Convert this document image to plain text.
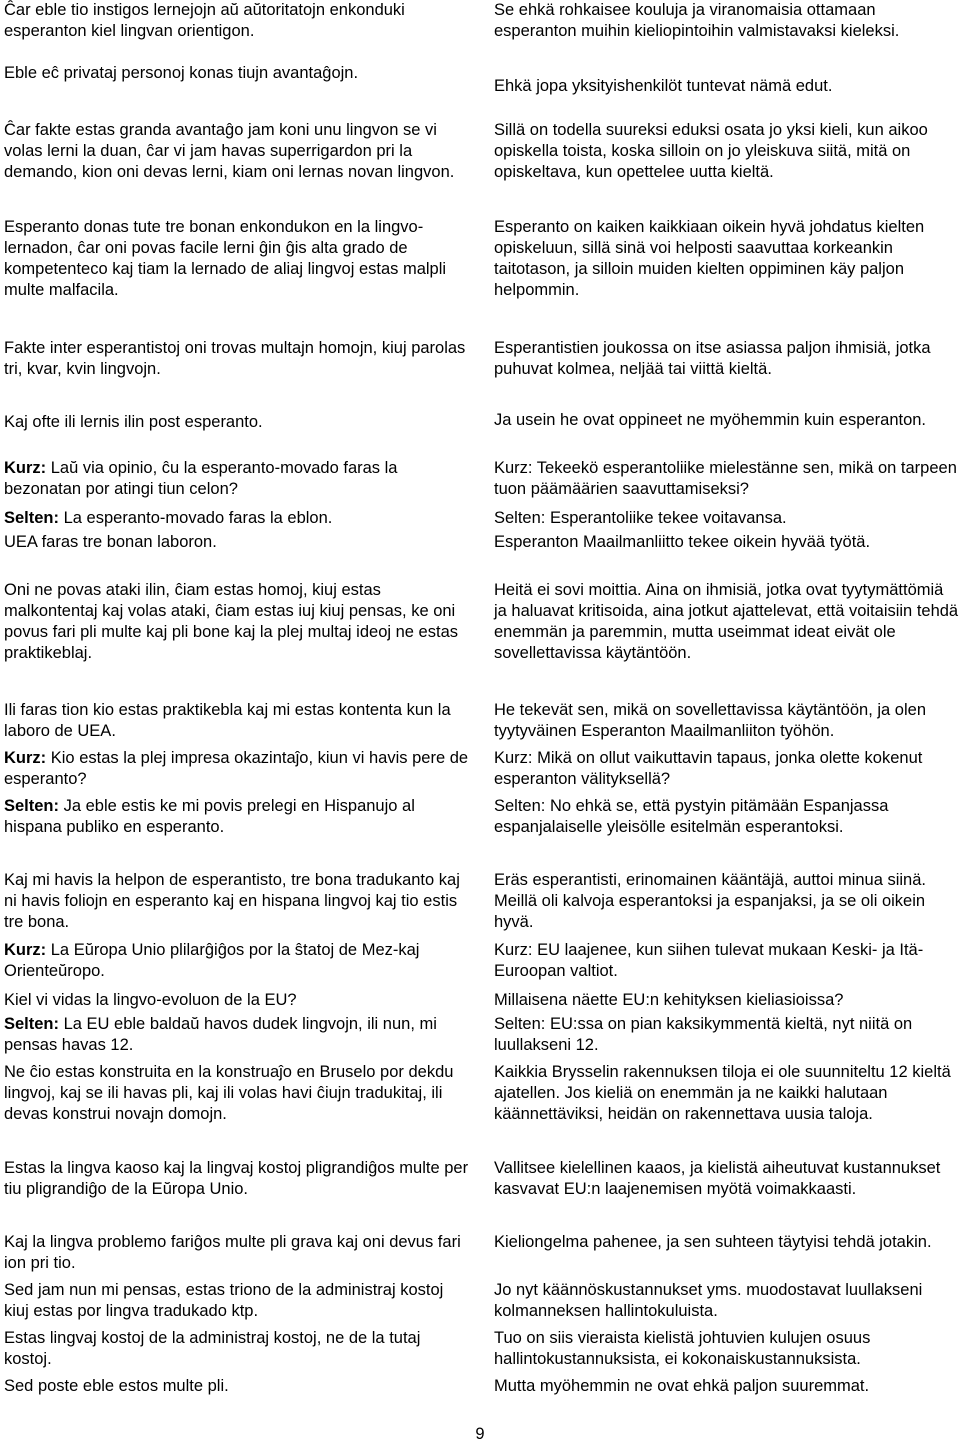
Ĉar eble tio instigos lernejojn aŭ aŭtoritatojn enkonduki esperanton kiel lingvan orientigon.

Eble eĉ privataj personoj konas tiujn avantaĝojn.

Ĉar fakte estas granda avantaĝo jam koni unu lingvon se vi volas lerni la duan, ĉar vi jam havas superrigardon pri la demando, kion oni devas lerni, kiam oni lernas novan lingvon.

Esperanto donas tute tre bonan enkondukon en la lingvo-lernadon, ĉar oni povas facile lerni ĝin ĝis alta grado de kompetenteco kaj tiam la lernado de aliaj lingvoj estas malpli multe malfacila.

Fakte inter esperantistoj oni trovas multajn homojn, kiuj parolas tri, kvar, kvin lingvojn.

Kaj ofte ili lernis ilin post esperanto.

Kurz: Laŭ via opinio, ĉu la esperanto-movado faras la bezonatan por atingi tiun celon?

Selten: La esperanto-movado faras la eblon.

UEA faras tre bonan laboron.

Oni ne povas ataki ilin, ĉiam estas homoj, kiuj estas malkontentaj kaj volas ataki, ĉiam estas iuj kiuj pensas, ke oni povus fari pli multe kaj pli bone kaj la plej multaj ideoj ne estas praktikeblaj.

Ili faras tion kio estas praktikebla kaj mi estas kontenta kun la laboro de UEA.

Kurz: Kio estas la plej impresa okazintaĵo, kiun vi havis pere de esperanto?

Selten: Ja eble estis ke mi povis prelegi en Hispanujo al hispana publiko en esperanto.

Kaj mi havis la helpon de esperantisto, tre bona tradukanto kaj ni havis foliojn en esperanto kaj en hispana lingvoj kaj tio estis tre bona.

Kurz: La Eŭropa Unio plilarĝiĝos por la ŝtatoj de Mez-kaj Orienteŭropo.

Kiel vi vidas la lingvo-evoluon de la EU?

Selten: La EU eble baldaŭ havos dudek lingvojn, ili nun, mi pensas havas 12.

Ne ĉio estas konstruita en la konstruaĵo en Bruselo por dekdu lingvoj, kaj se ili havas pli, kaj ili volas havi ĉiujn tradukitaj, ili devas konstrui novajn domojn.

Estas la lingva kaoso kaj la lingvaj kostoj pligrandiĝos multe per tiu pligrandiĝo de la Eŭropa Unio.

Kaj la lingva problemo fariĝos multe pli grava kaj oni devus fari ion pri tio.

Sed jam nun mi pensas, estas triono de la administraj kostoj kiuj estas por lingva tradukado ktp.

Estas lingvaj kostoj de la administraj kostoj, ne de la tutaj kostoj.

Sed poste eble estos multe pli.

Se ehkä rohkaisee kouluja ja viranomaisia ottamaan esperanton muihin kieliopintoihin valmistavaksi kieleksi.

Ehkä jopa yksityishenkilöt tuntevat nämä edut.

Sillä on todella suureksi eduksi osata jo yksi kieli, kun aikoo opiskella toista, koska silloin on jo yleiskuva siitä, mitä on opiskeltava, kun opettelee uutta kieltä.

Esperanto on kaiken kaikkiaan oikein hyvä johdatus kielten opiskeluun, sillä sinä voi helposti saavuttaa korkeankin taitotason, ja silloin muiden kielten oppiminen käy paljon helpommin.

Esperantistien joukossa on itse asiassa paljon ihmisiä, jotka puhuvat kolmea, neljää tai viittä kieltä.

Ja usein he ovat oppineet ne myöhemmin kuin esperanton.

Kurz: Tekeekö esperantoliike mielestänne sen, mikä on tarpeen tuon päämäärien saavuttamiseksi?

Selten: Esperantoliike tekee voitavansa.

Esperanton Maailmanliitto tekee oikein hyvää työtä.

Heitä ei sovi moittia. Aina on ihmisiä, jotka ovat tyytymättömiä ja haluavat kritisoida, aina jotkut ajattelevat, että voitaisiin tehdä enemmän ja paremmin, mutta useimmat ideat eivät ole sovellettavissa käytäntöön.

He tekevät sen, mikä on sovellettavissa käytäntöön, ja olen tyytyväinen Esperanton Maailmanliiton työhön.

Kurz: Mikä on ollut vaikuttavin tapaus, jonka olette kokenut esperanton välityksellä?

Selten: No ehkä se, että pystyin pitämään Espanjassa espanjalaiselle yleisölle esitelmän esperantoksi.

Eräs esperantisti, erinomainen kääntäjä, auttoi minua siinä. Meillä oli kalvoja esperantoksi ja espanjaksi, ja se oli oikein hyvä.

Kurz: EU laajenee, kun siihen tulevat mukaan Keski- ja Itä-Euroopan valtiot.

Millaisena näette EU:n kehityksen kieliasioissa?

Selten: EU:ssa on pian kaksikymmentä kieltä, nyt niitä on luullakseni 12.

Kaikkia Brysselin rakennuksen tiloja ei ole suunniteltu 12 kieltä ajatellen. Jos kieliä on enemmän ja ne kaikki halutaan käännettäviksi, heidän on rakennettava uusia taloja.

Vallitsee kielellinen kaaos, ja kielistä aiheutuvat kustannukset kasvavat EU:n laajenemisen myötä voimakkaasti.

Kieliongelma pahenee, ja sen suhteen täytyisi tehdä jotakin.

Jo nyt käännöskustannukset yms. muodostavat luullakseni kolmanneksen hallintokuluista.

Tuo on siis vieraista kielistä johtuvien kulujen osuus hallintokustannuksista, ei kokonaiskustannuksista.

Mutta myöhemmin ne ovat ehkä paljon suuremmat.

9
